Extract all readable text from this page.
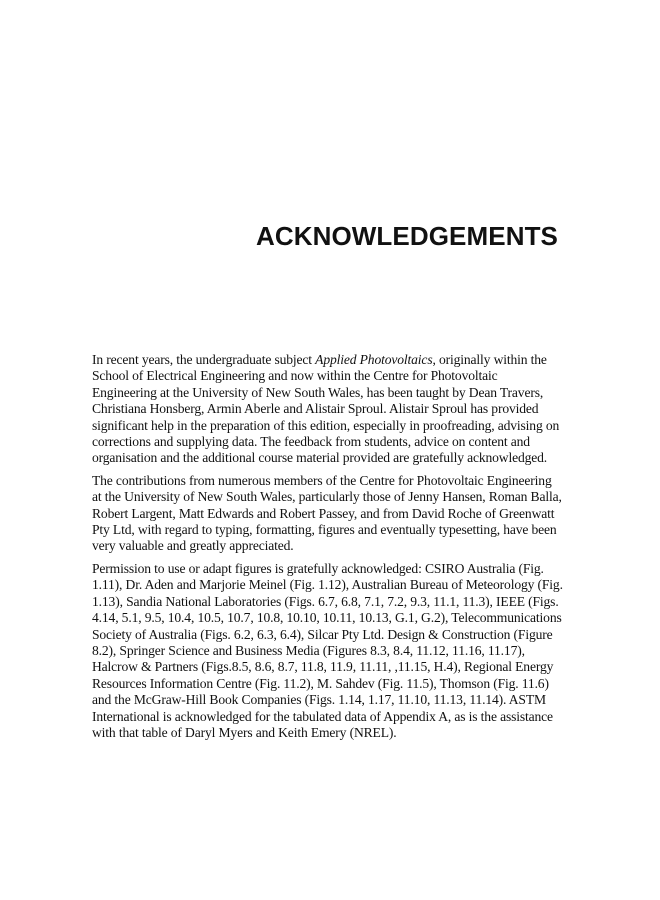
ACKNOWLEDGEMENTS

In recent years, the undergraduate subject Applied Photovoltaics, originally within the School of Electrical Engineering and now within the Centre for Photovoltaic Engineering at the University of New South Wales, has been taught by Dean Travers, Christiana Honsberg, Armin Aberle and Alistair Sproul. Alistair Sproul has provided significant help in the preparation of this edition, especially in proofreading, advising on corrections and supplying data. The feedback from students, advice on content and organisation and the additional course material provided are gratefully acknowledged.

The contributions from numerous members of the Centre for Photovoltaic Engineering at the University of New South Wales, particularly those of Jenny Hansen, Roman Balla, Robert Largent, Matt Edwards and Robert Passey, and from David Roche of Greenwatt Pty Ltd, with regard to typing, formatting, figures and eventually typesetting, have been very valuable and greatly appreciated.

Permission to use or adapt figures is gratefully acknowledged: CSIRO Australia (Fig. 1.11), Dr. Aden and Marjorie Meinel (Fig. 1.12), Australian Bureau of Meteorology (Fig. 1.13), Sandia National Laboratories (Figs. 6.7, 6.8, 7.1, 7.2, 9.3, 11.1, 11.3), IEEE (Figs. 4.14, 5.1, 9.5, 10.4, 10.5, 10.7, 10.8, 10.10, 10.11, 10.13, G.1, G.2), Telecommunications Society of Australia (Figs. 6.2, 6.3, 6.4), Silcar Pty Ltd. Design & Construction (Figure 8.2), Springer Science and Business Media (Figures 8.3, 8.4, 11.12, 11.16, 11.17), Halcrow & Partners (Figs.8.5, 8.6, 8.7, 11.8, 11.9, 11.11, ,11.15, H.4), Regional Energy Resources Information Centre (Fig. 11.2), M. Sahdev (Fig. 11.5), Thomson (Fig. 11.6) and the McGraw-Hill Book Companies (Figs. 1.14, 1.17, 11.10, 11.13, 11.14). ASTM International is acknowledged for the tabulated data of Appendix A, as is the assistance with that table of Daryl Myers and Keith Emery (NREL).
